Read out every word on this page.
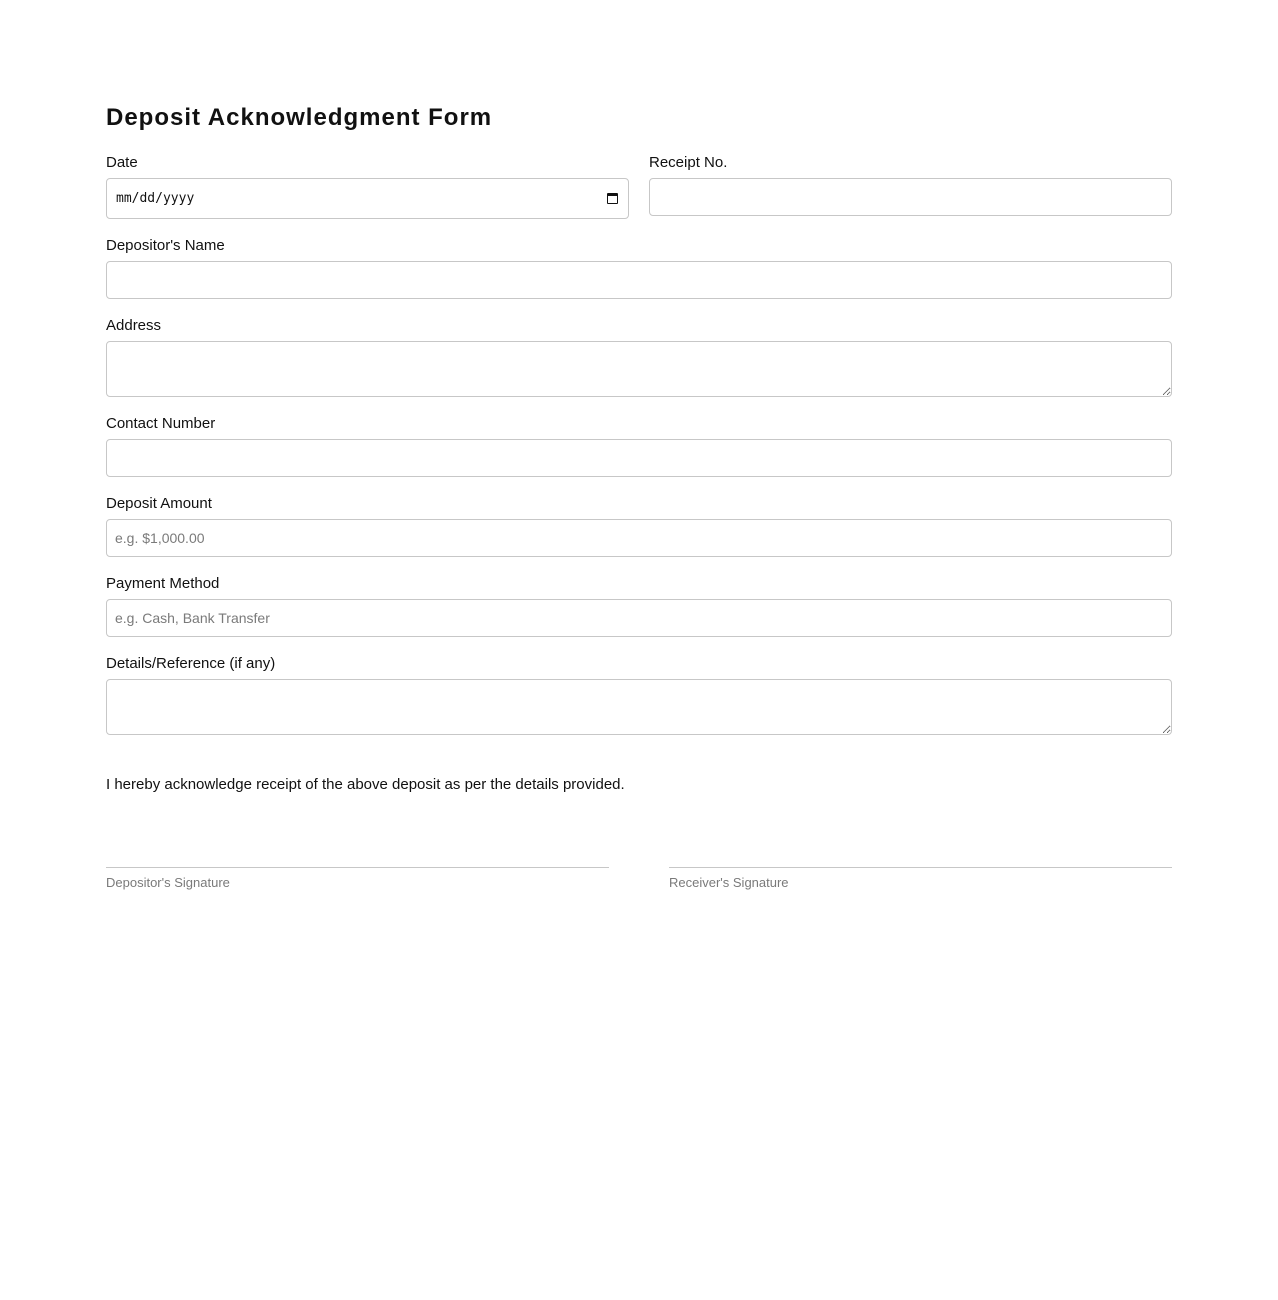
Deposit Acknowledgment Form
Date
mm/dd/yyyy
Receipt No.
Depositor's Name
Address
Contact Number
Deposit Amount
e.g. $1,000.00
Payment Method
e.g. Cash, Bank Transfer
Details/Reference (if any)
I hereby acknowledge receipt of the above deposit as per the details provided.
Depositor's Signature	Receiver's Signature
